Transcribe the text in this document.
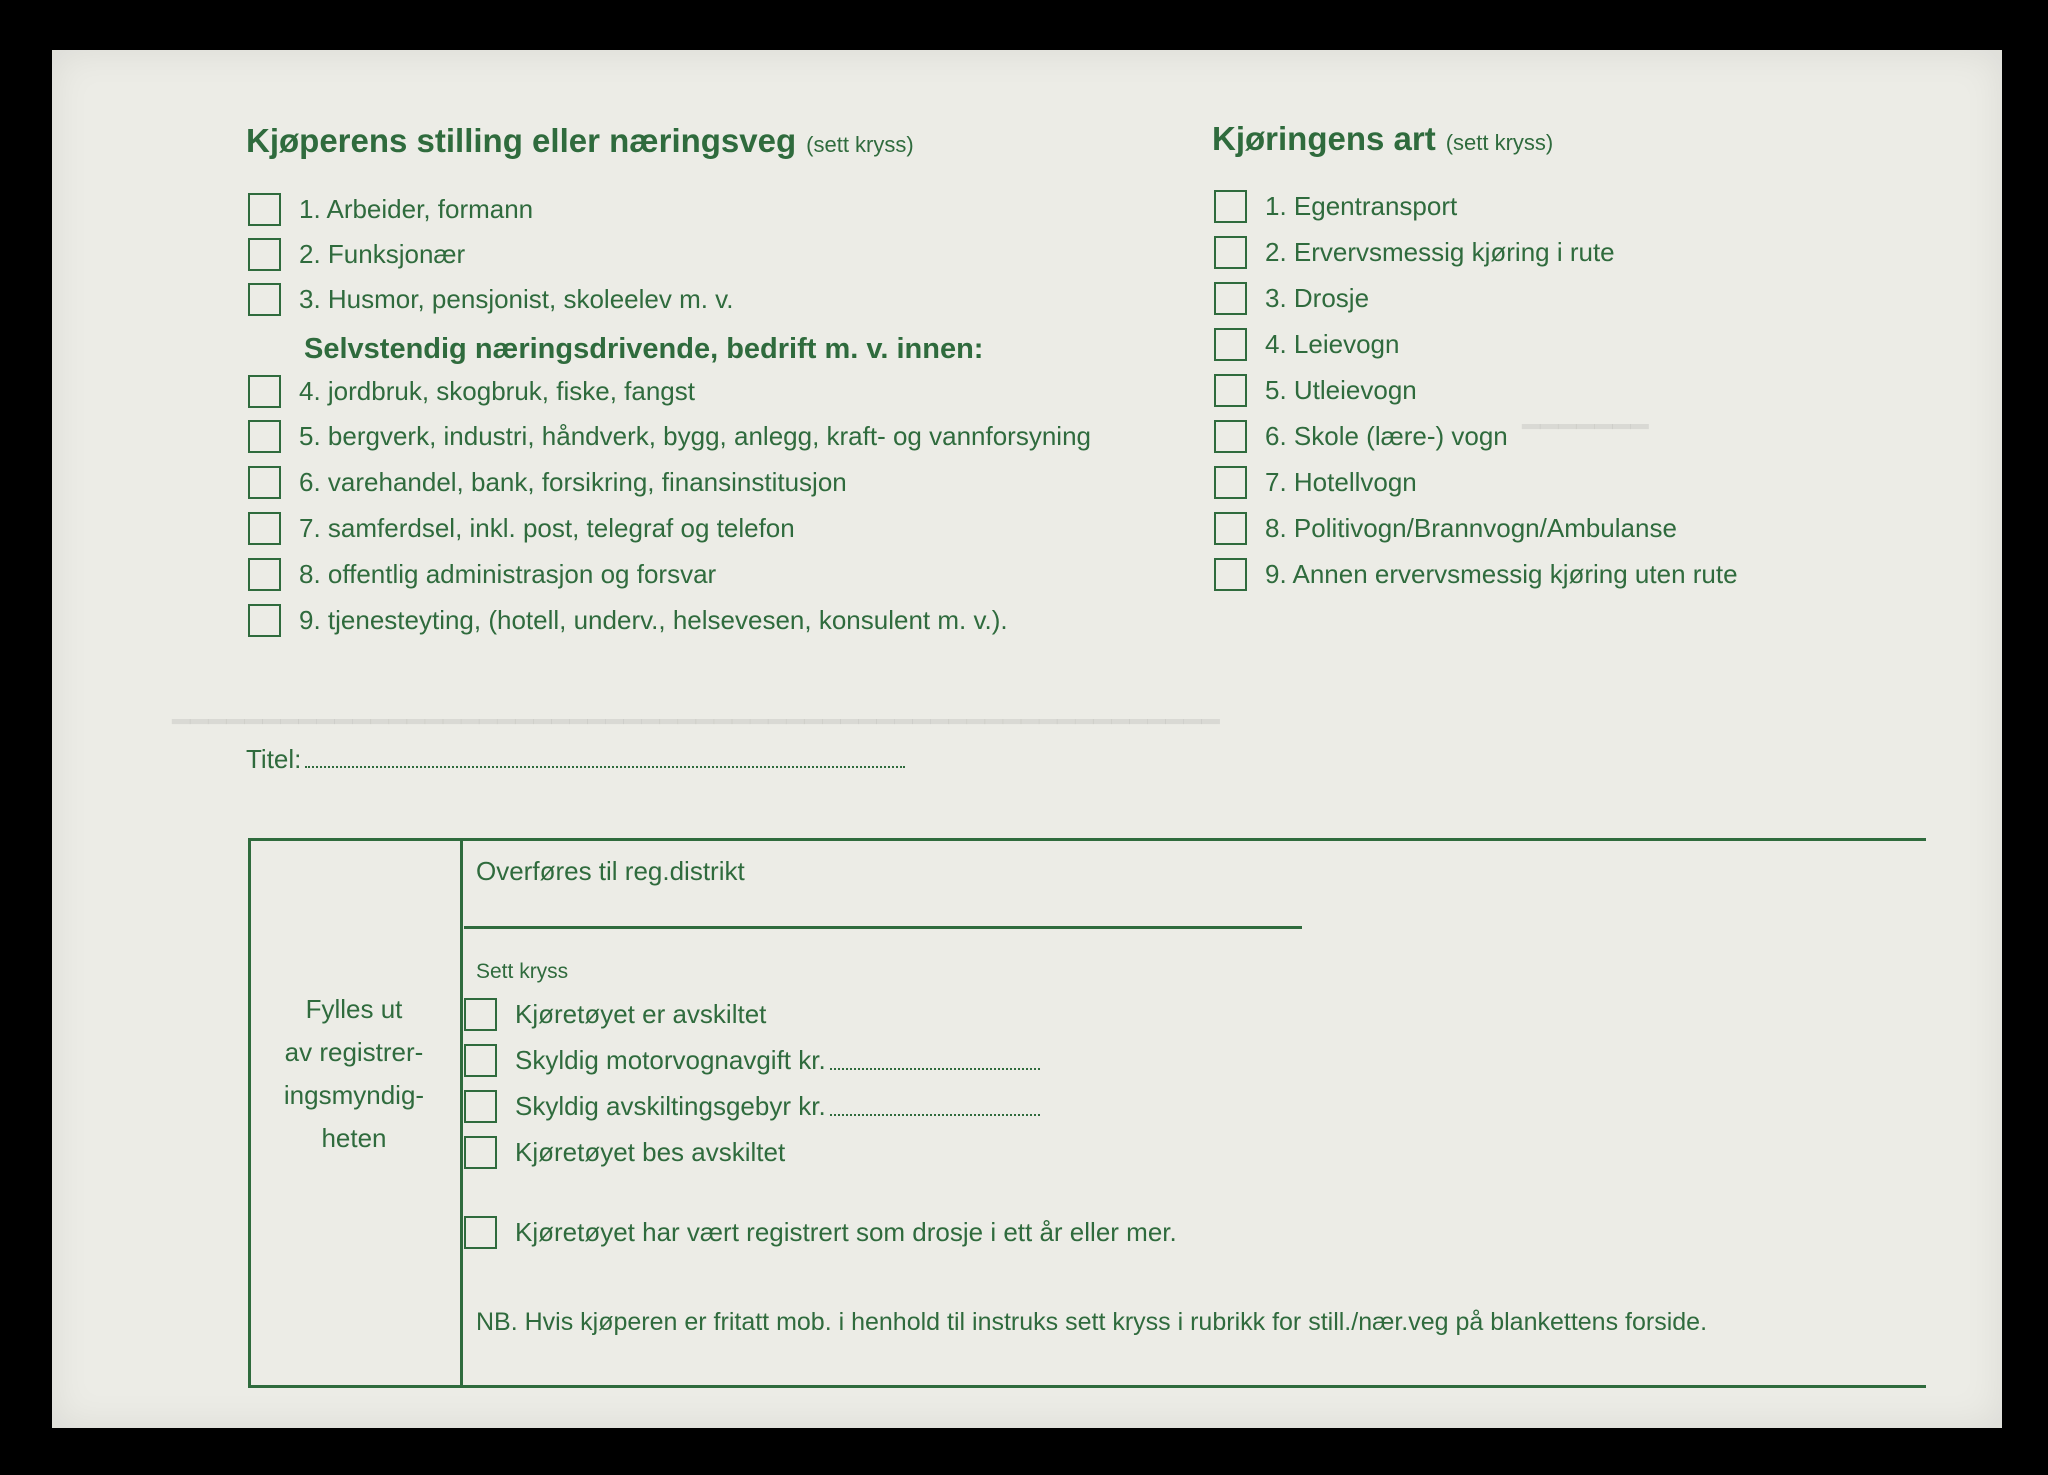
━━━━━━━
━━━━━━━━━━━━━━━━━━━━━━━━━━━━━━━━━━━━━━━━━━━━━━━━━━━━━━━━━━
Kjøperens stilling eller næringsveg (sett kryss)
1. Arbeider, formann
2. Funksjonær
3. Husmor, pensjonist, skoleelev m. v.
Selvstendig næringsdrivende, bedrift m. v. innen:
4. jordbruk, skogbruk, fiske, fangst
5. bergverk, industri, håndverk, bygg, anlegg, kraft- og vannforsyning
6. varehandel, bank, forsikring, finansinstitusjon
7. samferdsel, inkl. post, telegraf og telefon
8. offentlig administrasjon og forsvar
9. tjenesteyting, (hotell, underv., helsevesen, konsulent m. v.).
Titel:
Kjøringens art (sett kryss)
1. Egentransport
2. Ervervsmessig kjøring i rute
3. Drosje
4. Leievogn
5. Utleievogn
6. Skole (lære-) vogn
7. Hotellvogn
8. Politivogn/Brannvogn/Ambulanse
9. Annen ervervsmessig kjøring uten rute
Fylles ut
av registrer-
ingsmyndig-
heten
Overføres til reg.distrikt
Sett kryss
Kjøretøyet er avskiltet
Skyldig motorvognavgift kr.
Skyldig avskiltingsgebyr kr.
Kjøretøyet bes avskiltet
Kjøretøyet har vært registrert som drosje i ett år eller mer.
NB. Hvis kjøperen er fritatt mob. i henhold til instruks sett kryss i rubrikk for still./nær.veg på blankettens forside.
